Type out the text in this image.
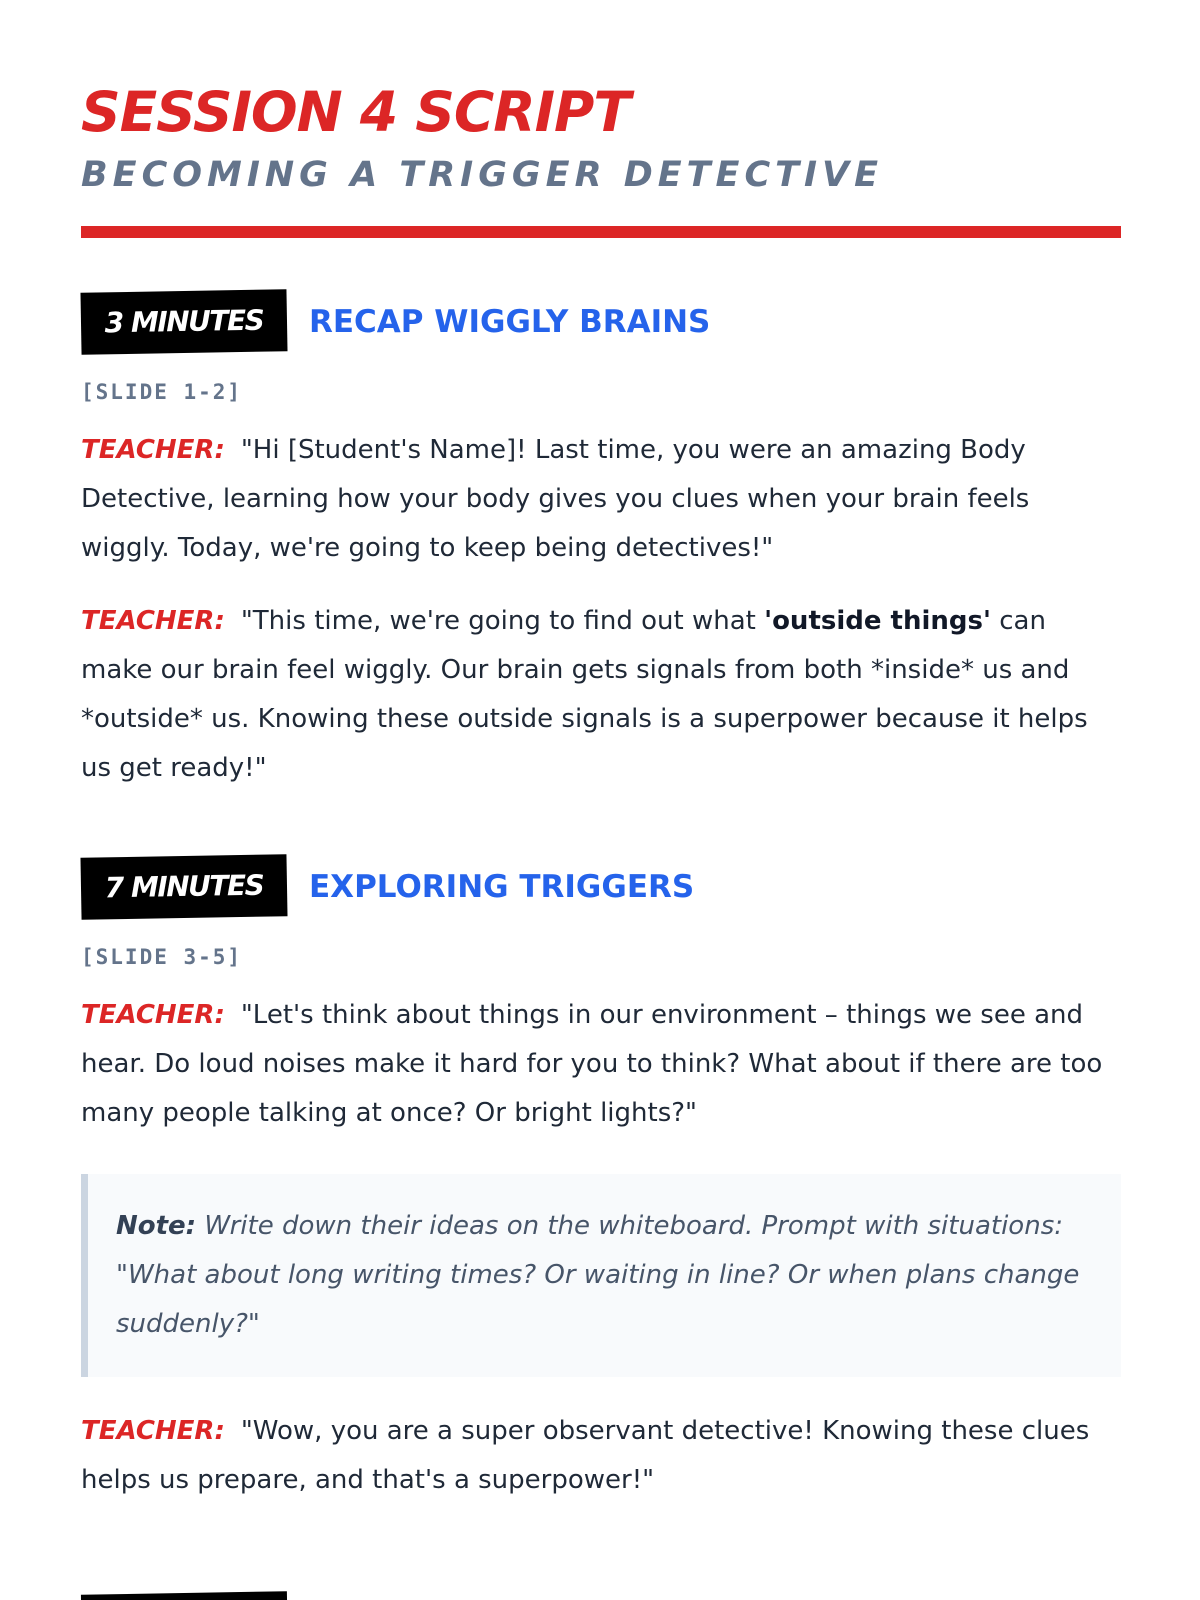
SESSION 4 SCRIPT
BECOMING A TRIGGER DETECTIVE
3 MINUTES	RECAP WIGGLY BRAINS
[SLIDE 1-2]

TEACHER: "Hi [Student's Name]! Last time, you were an amazing Body Detective, learning how your body gives you clues when your brain feels wiggly. Today, we're going to keep being detectives!"

TEACHER: "This time, we're going to find out what 'outside things' can make our brain feel wiggly. Our brain gets signals from both *inside* us and *outside* us. Knowing these outside signals is a superpower because it helps us get ready!"

7 MINUTES	EXPLORING TRIGGERS
[SLIDE 3-5]

TEACHER: "Let's think about things in our environment – things we see and hear. Do loud noises make it hard for you to think? What about if there are too many people talking at once? Or bright lights?"

Note: Write down their ideas on the whiteboard. Prompt with situations: "What about long writing times? Or waiting in line? Or when plans change suddenly?"

TEACHER: "Wow, you are a super observant detective! Knowing these clues helps us prepare, and that's a superpower!"
